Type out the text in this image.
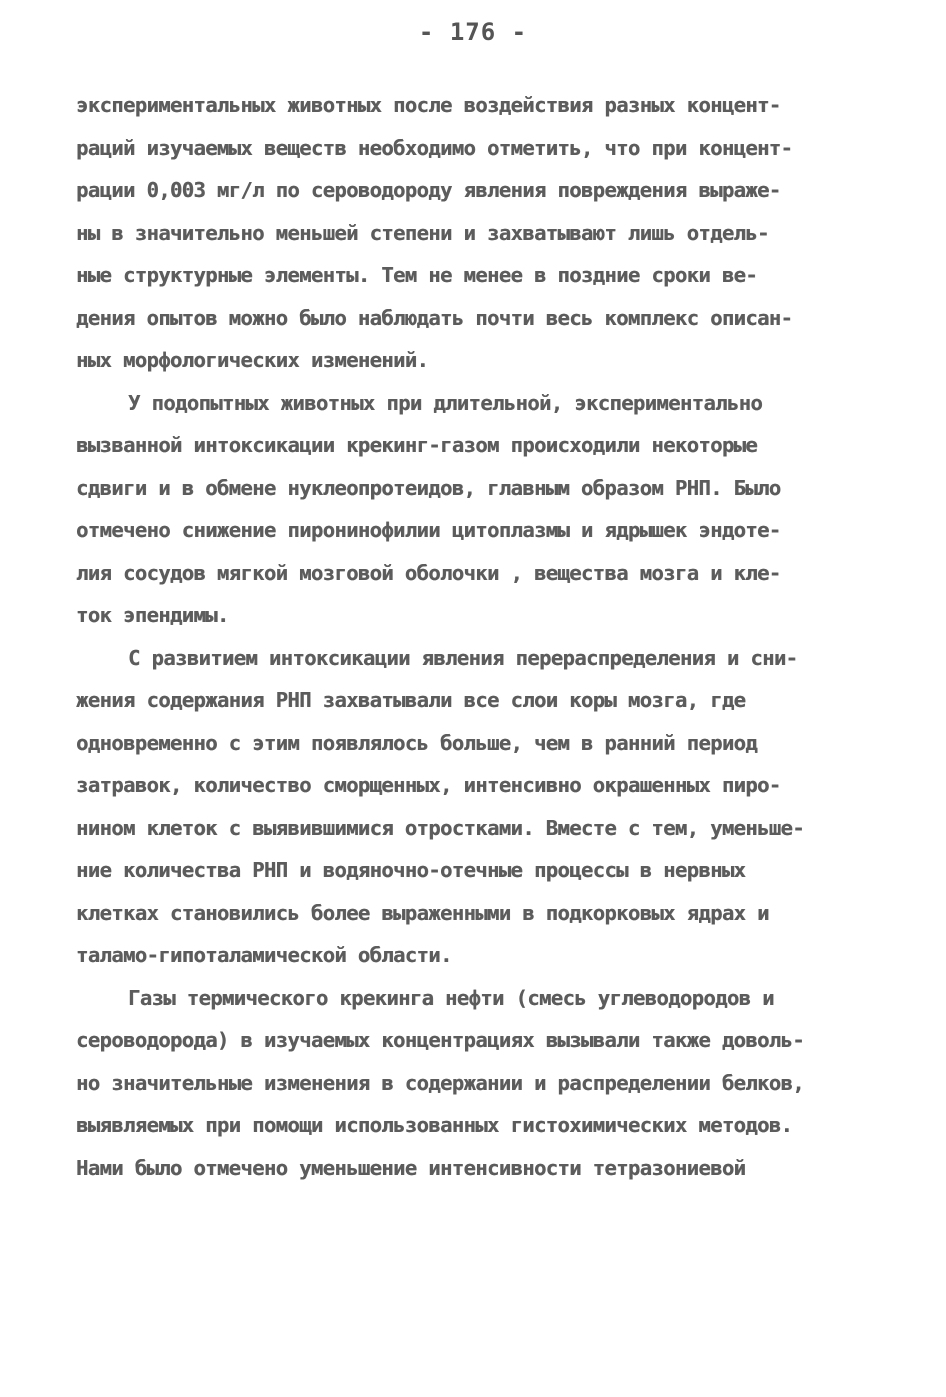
- 176 -
экспериментальных животных после воздействия разных концент-
раций изучаемых веществ необходимо отметить, что при концент-
рации 0,003 мг/л по сероводороду явления повреждения выраже-
ны в значительно меньшей степени и захватывают лишь отдель-
ные структурные элементы. Тем не менее в поздние сроки ве-
дения опытов можно было наблюдать почти весь комплекс описан-
ных морфологических изменений.
У подопытных животных при длительной, экспериментально
вызванной интоксикации крекинг-газом происходили некоторые
сдвиги и в обмене нуклеопротеидов, главным образом РНП. Было
отмечено снижение пиронинофилии цитоплазмы и ядрышек эндоте-
лия сосудов мягкой мозговой оболочки , вещества мозга и кле-
ток эпендимы.
С развитием интоксикации явления перераспределения и сни-
жения содержания РНП захватывали все слои коры мозга, где
одновременно с этим появлялось больше, чем в ранний период
затравок, количество сморщенных, интенсивно окрашенных пиро-
нином клеток с выявившимися отростками. Вместе с тем, уменьше-
ние количества РНП и водяночно-отечные процессы в нервных
клетках становились более выраженными в подкорковых ядрах и
таламо-гипоталамической области.
Газы термического крекинга нефти (смесь углеводородов и
сероводорода) в изучаемых концентрациях вызывали также доволь-
но значительные изменения в содержании и распределении белков,
выявляемых при помощи использованных гистохимических методов.
Нами было отмечено уменьшение интенсивности тетразониевой
